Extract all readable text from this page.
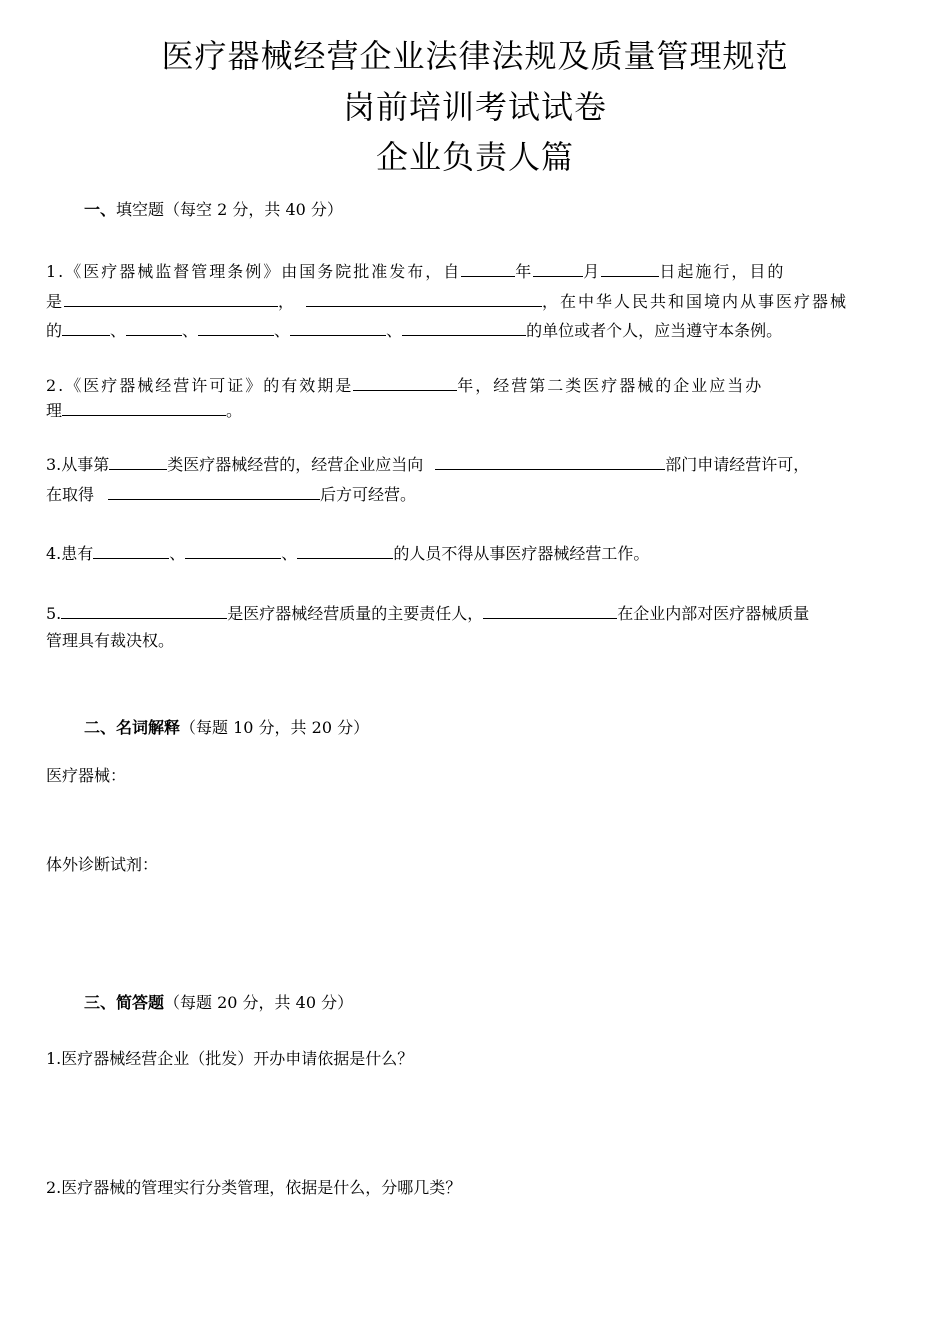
医疗器械经营企业法律法规及质量管理规范
岗前培训考试试卷
企业负责人篇
一、填空题（每空 2 分，共 40 分）
1.《医疗器械监督管理条例》由国务院批准发布，自	年	月	日起施行，目的
是	，	，在中华人民共和国境内从事医疗器械
的	、	、	、	、	的单位或者个人，应当遵守本条例。
2.《医疗器械经营许可证》的有效期是	年，经营第二类医疗器械的企业应当办
理	。
3.从事第	类医疗器械经营的，经营企业应当向	部门申请经营许可，
在取得	后方可经营。
4.患有	、	、	的人员不得从事医疗器械经营工作。
5.	是医疗器械经营质量的主要责任人，	在企业内部对医疗器械质量
管理具有裁决权。
二、名词解释（每题 10 分，共 20 分）
医疗器械：
体外诊断试剂：
三、简答题（每题 20 分，共 40 分）
1.医疗器械经营企业（批发）开办申请依据是什么？
2.医疗器械的管理实行分类管理，依据是什么，分哪几类？
